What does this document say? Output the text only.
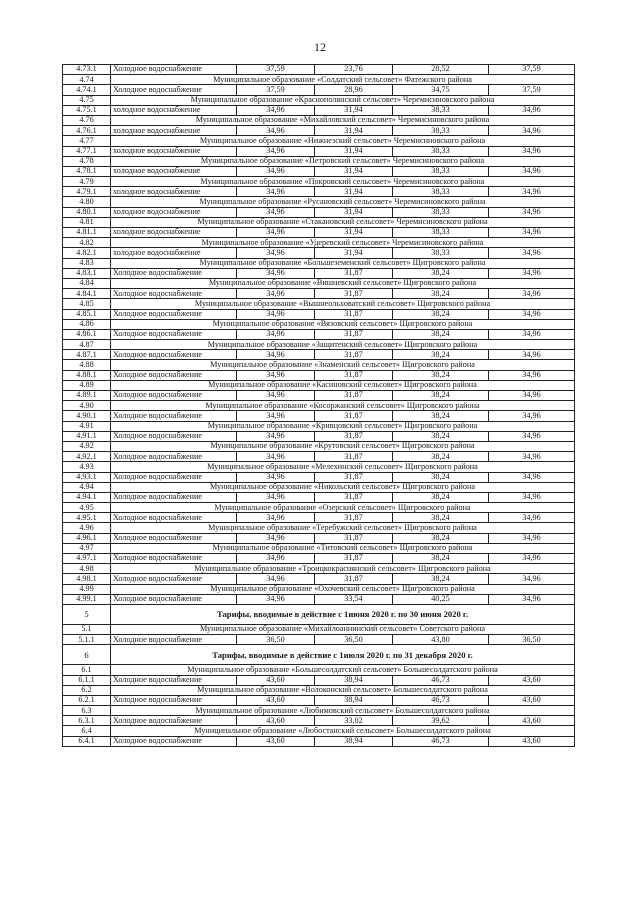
12
4.73.1	Холодное водоснабжение	37,59	23,76	28,52	37,59
4.74	Муниципальное образование «Солдатский сельсовет» Фатежского района				
4.74.1	Холодное водоснабжение	37,59	28,96	34,75	37,59
4.75	Муниципальное образование «Краснополянский сельсовет» Черемисиновского района				
4.75.1	холодное водоснабжение	34,96	31,94	38,33	34,96
4.76	Муниципальное образование «Михайловский сельсовет» Черемисиновского района				
4.76.1	холодное водоснабжение	34,96	31,94	38,33	34,96
4.77	Муниципальное образование «Нижнезский сельсовет» Черемисиновского района				
4.77.1	холодное водоснабжение	34,96	31,94	38,33	34,96
4.78	Муниципальное образование «Петровский сельсовет» Черемисиновского района				
4.78.1	холодное водоснабжение	34,96	31,94	38,33	34,96
4.79	Муниципальное образование «Покровский сельсовет» Черемисиновского района				
4.79.1	холодное водоснабжение	34,96	31,94	38,33	34,96
4.80	Муниципальное образование «Русановский сельсовет» Черемисиновского района				
4.80.1	холодное водоснабжение	34,96	31,94	38,33	34,96
4.81	Муниципальное образование «Стакановский сельсовет» Черемисиновского района				
4.81.1	холодное водоснабжение	34,96	31,94	38,33	34,96
4.82	Муниципальное образование «Удеревский сельсовет» Черемисиновского района				
4.82.1	холодное водоснабжение	34,96	31,94	38,33	34,96
4.83	Муниципальное образование «Большеземенский сельсовет» Щигровского района				
4.83.1	Холодное водоснабжение	34,96	31,87	38,24	34,96
4.84	Муниципальное образование «Вишневский сельсовет» Щигровского района				
4.84.1	Холодное водоснабжение	34,96	31,87	38,24	34,96
4.85	Муниципальное образование «Вышнеольховатский сельсовет» Щигровского района				
4.85.1	Холодное водоснабжение	34,96	31,87	38,24	34,96
4.86	Муниципальное образование «Вязовский сельсовет» Щигровского района				
4.86.1	Холодное водоснабжение	34,96	31,87	38,24	34,96
4.87	Муниципальное образование «Защитенский сельсовет» Щигровского района				
4.87.1	Холодное водоснабжение	34,96	31,87	38,24	34,96
4.88	Муниципальное образование «Знаменский сельсовет» Щигровского района				
4.88.1	Холодное водоснабжение	34,96	31,87	38,24	34,96
4.89	Муниципальное образование «Касиновский сельсовет» Щигровского района				
4.89.1	Холодное водоснабжение	34,96	31,87	38,24	34,96
4.90	Муниципальное образование «Косоржанский сельсовет» Щигровского района				
4.90.1	Холодное водоснабжение	34,96	31,87	38,24	34,96
4.91	Муниципальное образование «Кривцовский сельсовет» Щигровского района				
4.91.1	Холодное водоснабжение	34,96	31,87	38,24	34,96
4.92	Муниципальное образование «Крутовский сельсовет» Щигровского района				
4.92.1	Холодное водоснабжение	34,96	31,87	38,24	34,96
4.93	Муниципальное образование «Мелехинский сельсовет» Щигровского района				
4.93.1	Холодное водоснабжение	34,96	31,87	38,24	34,96
4.94	Муниципальное образование «Никольский сельсовет» Щигровского района				
4.94.1	Холодное водоснабжение	34,96	31,87	38,24	34,96
4.95	Муниципальное образование «Озерский сельсовет» Щигровского района				
4.95.1	Холодное водоснабжение	34,96	31,87	38,24	34,96
4.96	Муниципальное образование «Теребужский сельсовет» Щигровского района				
4.96.1	Холодное водоснабжение	34,96	31,87	38,24	34,96
4.97	Муниципальное образование «Титовский сельсовет» Щигровского района				
4.97.1	Холодное водоснабжение	34,96	31,87	38,24	34,96
4.98	Муниципальное образование «Троицкокраснянский сельсовет» Щигровского района				
4.98.1	Холодное водоснабжение	34,96	31,87	38,24	34,96
4.99	Муниципальное образование «Охочевский сельсовет» Щигровского района				
4.99.1	Холодное водоснабжение	34,96	33,54	40,25	34,96
5	Тарифы, вводимые в действие с 1июня 2020 г. по 30 июня 2020 г.				
5.1	Муниципальное образование «Михайлоаннинский сельсовет» Советского района				
5.1.1	Холодное водоснабжение	36,50	36,50	43,80	36,50
6	Тарифы, вводимые в действие с 1июля 2020 г. по 31 декабря 2020 г.				
6.1	Муниципальное образование «Большесолдатский сельсовет» Большесолдатского района				
6.1.1	Холодное водоснабжение	43,60	38,94	46,73	43,60
6.2	Муниципальное образование «Волоконский сельсовет» Большесолдатского района				
6.2.1	Холодное водоснабжение	43,60	38,94	46,73	43,60
6.3	Муниципальное образование «Любимовский сельсовет» Большесолдатского района				
6.3.1	Холодное водоснабжение	43,60	33,02	39,62	43,60
6.4	Муниципальное образование «Любостанский сельсовет» Большесолдатского района				
6.4.1	Холодное водоснабжение	43,60	38,94	46,73	43,60
